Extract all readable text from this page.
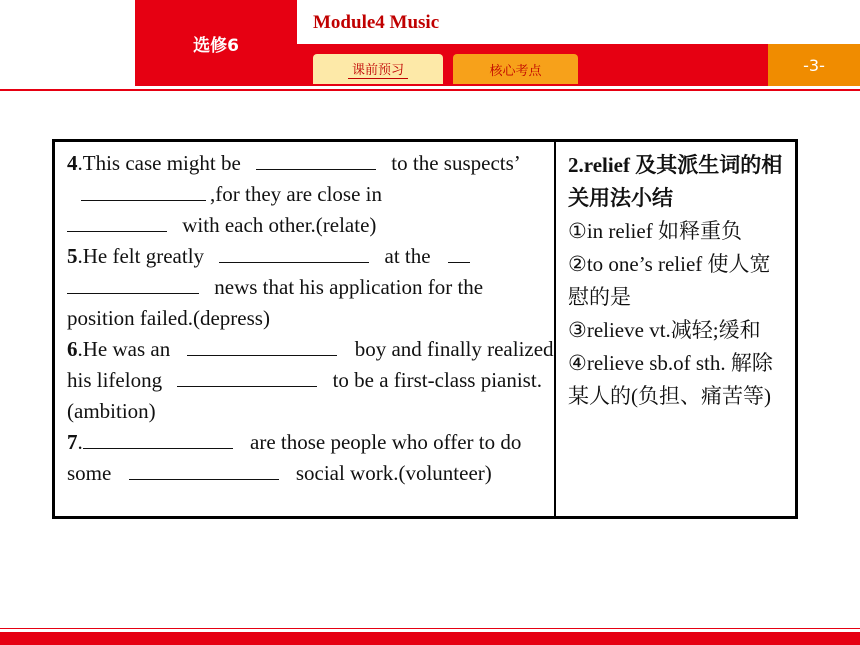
选修6
Module4 Music
-3-
课前预习	核心考点
4.This case might be	to the suspects’ ,for they are close in
with each other.(relate)
5.He felt greatly	at the
news that his application for the position failed.(depress)
6.He was an	boy and finally realized his lifelong	to be a first-class pianist.(ambition)
7.	are those people who offer to do some	social work.(volunteer)
2.relief 及其派生词的相关用法小结
①in relief 如释重负
②to one’s relief 使人宽慰的是
③relieve vt.减轻;缓和
④relieve sb.of sth. 解除某人的(负担、痛苦等)
